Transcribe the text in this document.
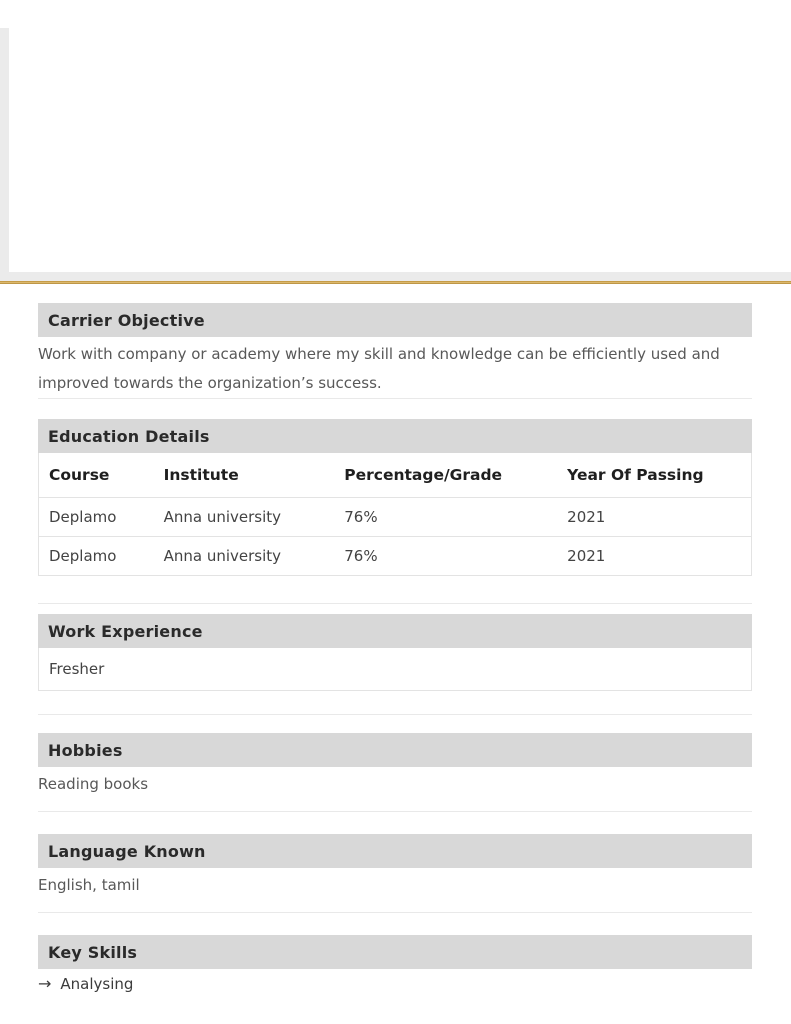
Carrier Objective

Work with company or academy where my skill and knowledge can be efficiently used and improved towards the organization’s success.

Education Details
Course	Institute	Percentage/Grade	Year Of Passing
Deplamo	Anna university	76%	2021
Deplamo	Anna university	76%	2021
Work Experience
Fresher
Hobbies
Reading books
Language Known
English, tamil
Key Skills
→ Analysing
